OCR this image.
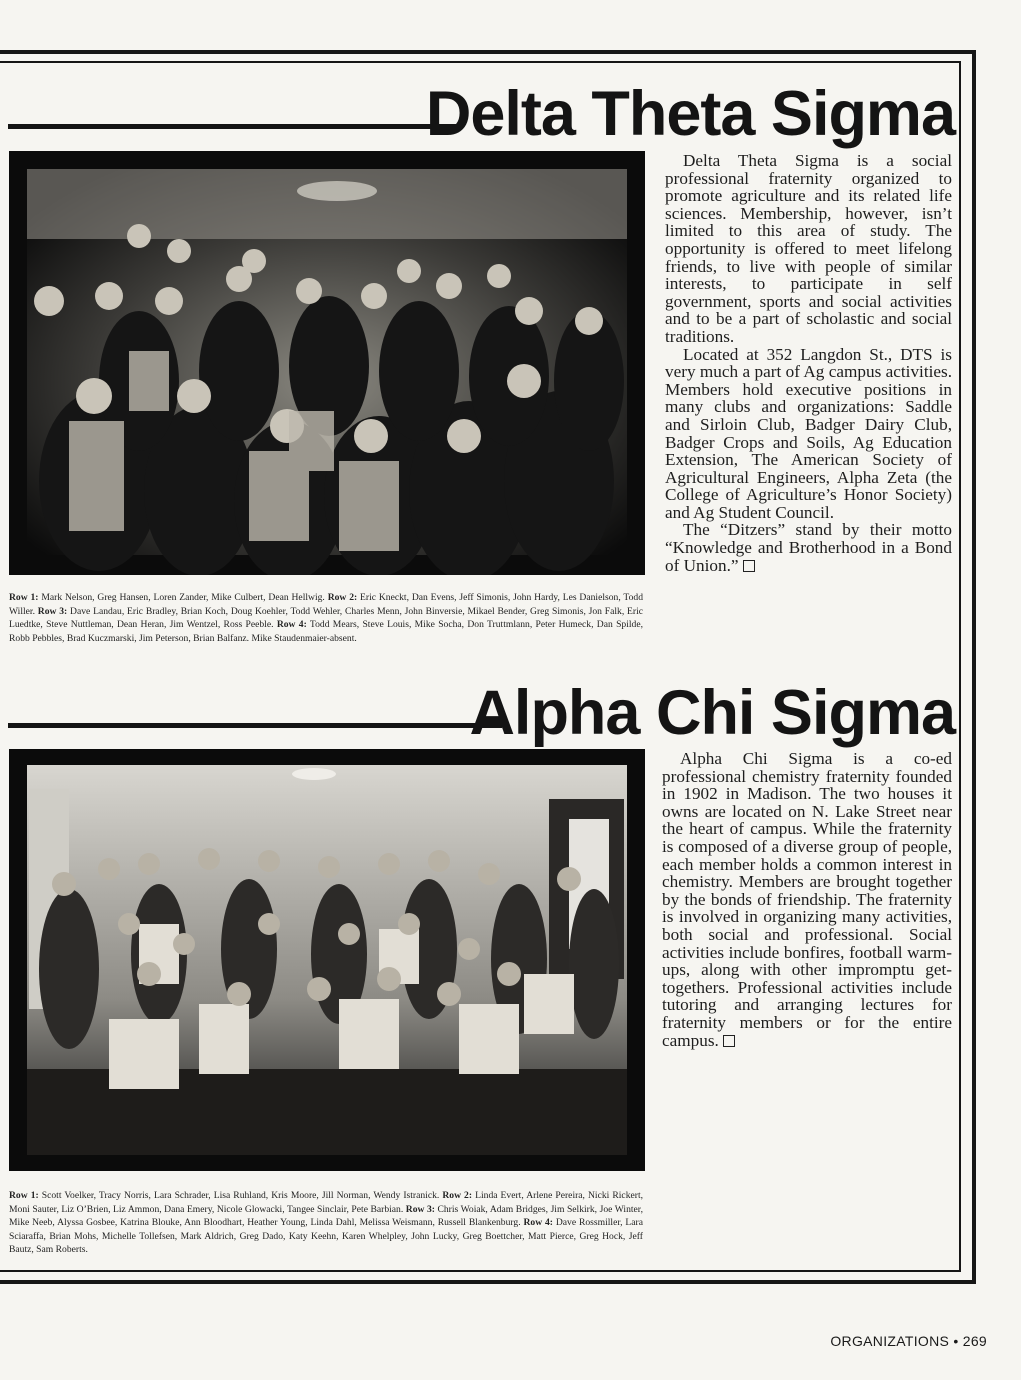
Delta Theta Sigma

Delta Theta Sigma is a social professional fraternity organized to promote agriculture and its related life sciences. Membership, however, isn’t limited to this area of study. The opportunity is offered to meet lifelong friends, to live with people of similar interests, to participate in self government, sports and social activities and to be a part of scholastic and social traditions.

Located at 352 Langdon St., DTS is very much a part of Ag campus activities. Members hold executive positions in many clubs and organizations: Saddle and Sirloin Club, Badger Dairy Club, Badger Crops and Soils, Ag Education Extension, The American Society of Agricultural Engineers, Alpha Zeta (the College of Agriculture’s Honor Society) and Ag Student Council.

The “Ditzers” stand by their motto “Knowledge and Brotherhood in a Bond of Union.”

Row 1: Mark Nelson, Greg Hansen, Loren Zander, Mike Culbert, Dean Hellwig. Row 2: Eric Kneckt, Dan Evens, Jeff Simonis, John Hardy, Les Danielson, Todd Willer. Row 3: Dave Landau, Eric Bradley, Brian Koch, Doug Koehler, Todd Wehler, Charles Menn, John Binversie, Mikael Bender, Greg Simonis, Jon Falk, Eric Luedtke, Steve Nuttleman, Dean Heran, Jim Wentzel, Ross Peeble. Row 4: Todd Mears, Steve Louis, Mike Socha, Don Truttmlann, Peter Humeck, Dan Spilde, Robb Pebbles, Brad Kuczmarski, Jim Peterson, Brian Balfanz. Mike Staudenmaier-absent.
Alpha Chi Sigma

Alpha Chi Sigma is a co-ed professional chemistry fraternity founded in 1902 in Madison. The two houses it owns are located on N. Lake Street near the heart of campus. While the fraternity is composed of a diverse group of people, each member holds a common interest in chemistry. Members are brought together by the bonds of friendship. The fraternity is involved in organizing many activities, both social and professional. Social activities include bonfires, football warm-ups, along with other impromptu get-togethers. Professional activities include tutoring and arranging lectures for fraternity members or for the entire campus.

Row 1: Scott Voelker, Tracy Norris, Lara Schrader, Lisa Ruhland, Kris Moore, Jill Norman, Wendy Istranick. Row 2: Linda Evert, Arlene Pereira, Nicki Rickert, Moni Sauter, Liz O’Brien, Liz Ammon, Dana Emery, Nicole Glowacki, Tangee Sinclair, Pete Barbian. Row 3: Chris Woiak, Adam Bridges, Jim Selkirk, Joe Winter, Mike Neeb, Alyssa Gosbee, Katrina Blouke, Ann Bloodhart, Heather Young, Linda Dahl, Melissa Weismann, Russell Blankenburg. Row 4: Dave Rossmiller, Lara Sciaraffa, Brian Mohs, Michelle Tollefsen, Mark Aldrich, Greg Dado, Katy Keehn, Karen Whelpley, John Lucky, Greg Boettcher, Matt Pierce, Greg Hock, Jeff Bautz, Sam Roberts.
ORGANIZATIONS • 269
